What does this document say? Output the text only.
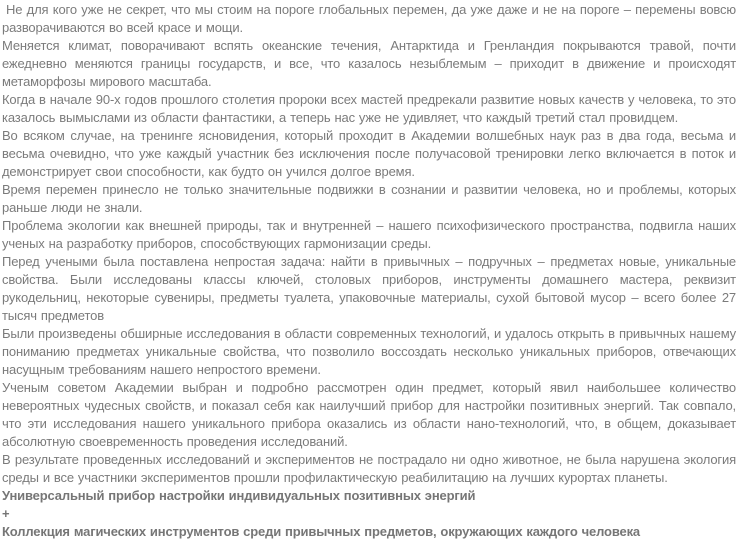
Не для кого уже не секрет, что мы стоим на пороге глобальных перемен, да уже даже и не на пороге – перемены вовсю разворачиваются во всей красе и мощи.

Меняется климат, поворачивают вспять океанские течения, Антарктида и Гренландия покрываются травой, почти ежедневно меняются границы государств, и все, что казалось незыблемым – приходит в движение и происходят метаморфозы мирового масштаба.

Когда в начале 90-х годов прошлого столетия пророки всех мастей предрекали развитие новых качеств у человека, то это казалось вымыслами из области фантастики, а теперь нас уже не удивляет, что каждый третий стал провидцем.

Во всяком случае, на тренинге ясновидения, который проходит в Академии волшебных наук раз в два года, весьма и весьма очевидно, что уже каждый участник без исключения после получасовой тренировки легко включается в поток и демонстрирует свои способности, как будто он учился долгое время.

Время перемен принесло не только значительные подвижки в сознании и развитии человека, но и проблемы, которых раньше люди не знали.

Проблема экологии как внешней природы, так и внутренней – нашего психофизического пространства, подвигла наших ученых на разработку приборов, способствующих гармонизации среды.

Перед учеными была поставлена непростая задача: найти в привычных – подручных – предметах новые, уникальные свойства. Были исследованы классы ключей, столовых приборов, инструменты домашнего мастера, реквизит рукодельниц, некоторые сувениры, предметы туалета, упаковочные материалы, сухой бытовой мусор – всего более 27 тысяч предметов

Были произведены обширные исследования в области современных технологий, и удалось открыть в привычных нашему пониманию предметах уникальные свойства, что позволило воссоздать несколько уникальных приборов, отвечающих насущным требованиям нашего непростого времени.

Ученым советом Академии выбран и подробно рассмотрен один предмет, который явил наибольшее количество невероятных чудесных свойств, и показал себя как наилучший прибор для настройки позитивных энергий. Так совпало, что эти исследования нашего уникального прибора оказались из области нано-технологий, что, в общем, доказывает абсолютную своевременность проведения исследований.

В результате проведенных исследований и экспериментов не пострадало ни одно животное, не была нарушена экология среды и все участники экспериментов прошли профилактическую реабилитацию на лучших курортах планеты.

Универсальный прибор настройки индивидуальных позитивных энергий

+

Коллекция магических инструментов среди привычных предметов, окружающих каждого человека
